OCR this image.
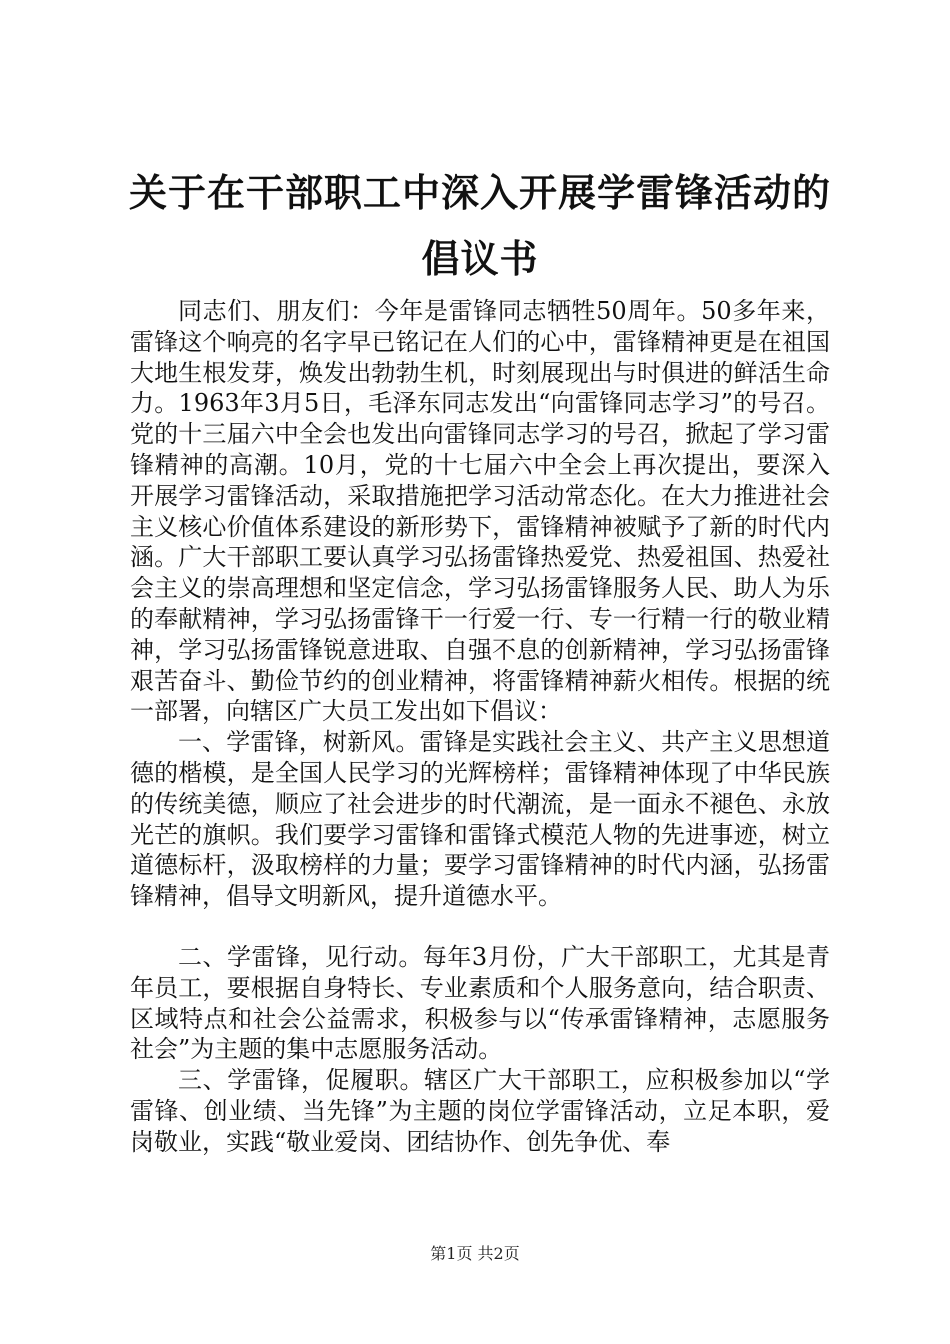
关于在干部职工中深入开展学雷锋活动的倡议书

同志们、朋友们：今年是雷锋同志牺牲50周年。50多年来，雷锋这个响亮的名字早已铭记在人们的心中，雷锋精神更是在祖国大地生根发芽，焕发出勃勃生机，时刻展现出与时俱进的鲜活生命力。1963年3月5日，毛泽东同志发出“向雷锋同志学习”的号召。党的十三届六中全会也发出向雷锋同志学习的号召，掀起了学习雷锋精神的高潮。10月，党的十七届六中全会上再次提出，要深入开展学习雷锋活动，采取措施把学习活动常态化。在大力推进社会主义核心价值体系建设的新形势下，雷锋精神被赋予了新的时代内涵。广大干部职工要认真学习弘扬雷锋热爱党、热爱祖国、热爱社会主义的崇高理想和坚定信念，学习弘扬雷锋服务人民、助人为乐的奉献精神，学习弘扬雷锋干一行爱一行、专一行精一行的敬业精神，学习弘扬雷锋锐意进取、自强不息的创新精神，学习弘扬雷锋艰苦奋斗、勤俭节约的创业精神，将雷锋精神薪火相传。根据的统一部署，向辖区广大员工发出如下倡议：

一、学雷锋，树新风。雷锋是实践社会主义、共产主义思想道德的楷模，是全国人民学习的光辉榜样；雷锋精神体现了中华民族的传统美德，顺应了社会进步的时代潮流，是一面永不褪色、永放光芒的旗帜。我们要学习雷锋和雷锋式模范人物的先进事迹，树立道德标杆，汲取榜样的力量；要学习雷锋精神的时代内涵，弘扬雷锋精神，倡导文明新风，提升道德水平。

二、学雷锋，见行动。每年3月份，广大干部职工，尤其是青年员工，要根据自身特长、专业素质和个人服务意向，结合职责、区域特点和社会公益需求，积极参与以“传承雷锋精神，志愿服务社会”为主题的集中志愿服务活动。

三、学雷锋，促履职。辖区广大干部职工，应积极参加以“学雷锋、创业绩、当先锋”为主题的岗位学雷锋活动，立足本职，爱岗敬业，实践“敬业爱岗、团结协作、创先争优、奉

第1页 共2页
